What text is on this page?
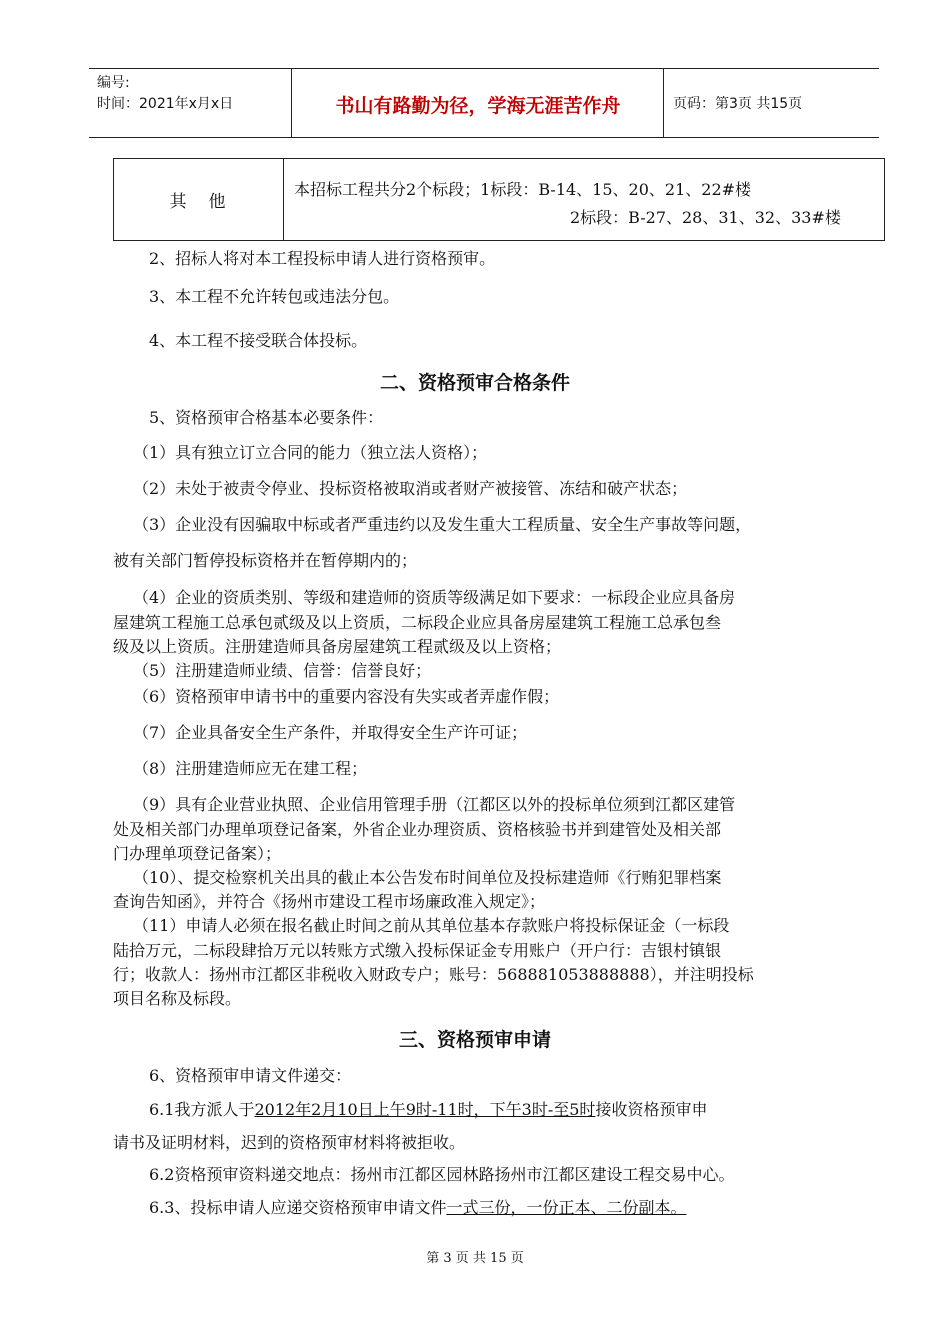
编号:
时间：2021年x月x日	书山有路勤为径，学海无涯苦作舟	页码：第3页 共15页
其他
本招标工程共分2个标段；1标段：B-14、15、20、21、22#楼
2标段：B-27、28、31、32、33#楼
2、招标人将对本工程投标申请人进行资格预审。
3、本工程不允许转包或违法分包。
4、本工程不接受联合体投标。
二、资格预审合格条件
5、资格预审合格基本必要条件：
（1）具有独立订立合同的能力（独立法人资格）；
（2）未处于被责令停业、投标资格被取消或者财产被接管、冻结和破产状态；
（3）企业没有因骗取中标或者严重违约以及发生重大工程质量、安全生产事故等问题，
被有关部门暂停投标资格并在暂停期内的；
（4）企业的资质类别、等级和建造师的资质等级满足如下要求：一标段企业应具备房
屋建筑工程施工总承包贰级及以上资质，二标段企业应具备房屋建筑工程施工总承包叁
级及以上资质。注册建造师具备房屋建筑工程贰级及以上资格；
（5）注册建造师业绩、信誉：信誉良好；
（6）资格预审申请书中的重要内容没有失实或者弄虚作假；
（7）企业具备安全生产条件，并取得安全生产许可证；
（8）注册建造师应无在建工程；
（9）具有企业营业执照、企业信用管理手册（江都区以外的投标单位须到江都区建管
处及相关部门办理单项登记备案，外省企业办理资质、资格核验书并到建管处及相关部
门办理单项登记备案）；
（10）、提交检察机关出具的截止本公告发布时间单位及投标建造师《行贿犯罪档案
查询告知函》，并符合《扬州市建设工程市场廉政准入规定》；
（11）申请人必须在报名截止时间之前从其单位基本存款账户将投标保证金（一标段
陆拾万元，二标段肆拾万元以转账方式缴入投标保证金专用账户（开户行：吉银村镇银
行；收款人：扬州市江都区非税收入财政专户；账号：568881053888888），并注明投标
项目名称及标段。
三、资格预审申请
6、资格预审申请文件递交：
6.1我方派人于2012年2月10日上午9时-11时，下午3时-至5时接收资格预审申
请书及证明材料，迟到的资格预审材料将被拒收。
6.2资格预审资料递交地点：扬州市江都区园林路扬州市江都区建设工程交易中心。
6.3、投标申请人应递交资格预审申请文件一式三份，一份正本、二份副本。
第 3 页 共 15 页
